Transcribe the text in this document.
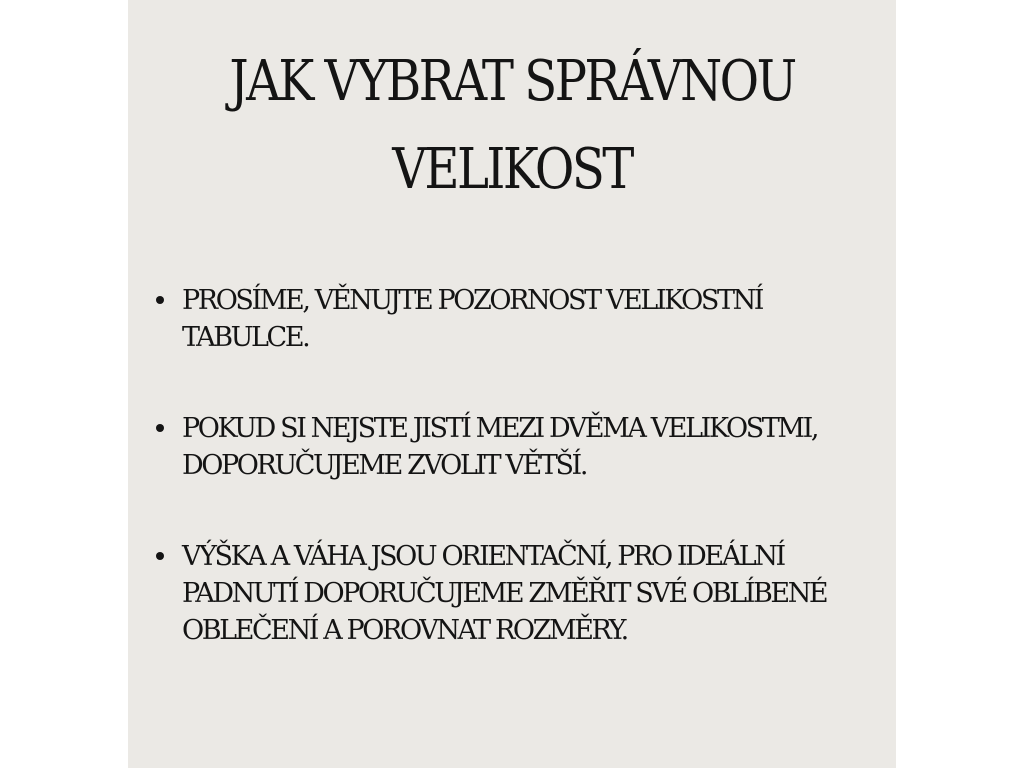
JAK VYBRAT SPRÁVNOU
VELIKOST
PROSÍME, VĚNUJTE POZORNOST VELIKOSTNÍ TABULCE.
POKUD SI NEJSTE JISTÍ MEZI DVĚMA VELIKOSTMI, DOPORUČUJEME ZVOLIT VĚTŠÍ.
VÝŠKA A VÁHA JSOU ORIENTAČNÍ, PRO IDEÁLNÍ PADNUTÍ DOPORUČUJEME ZMĚŘIT SVÉ OBLÍBENÉ OBLEČENÍ A POROVNAT ROZMĚRY.
